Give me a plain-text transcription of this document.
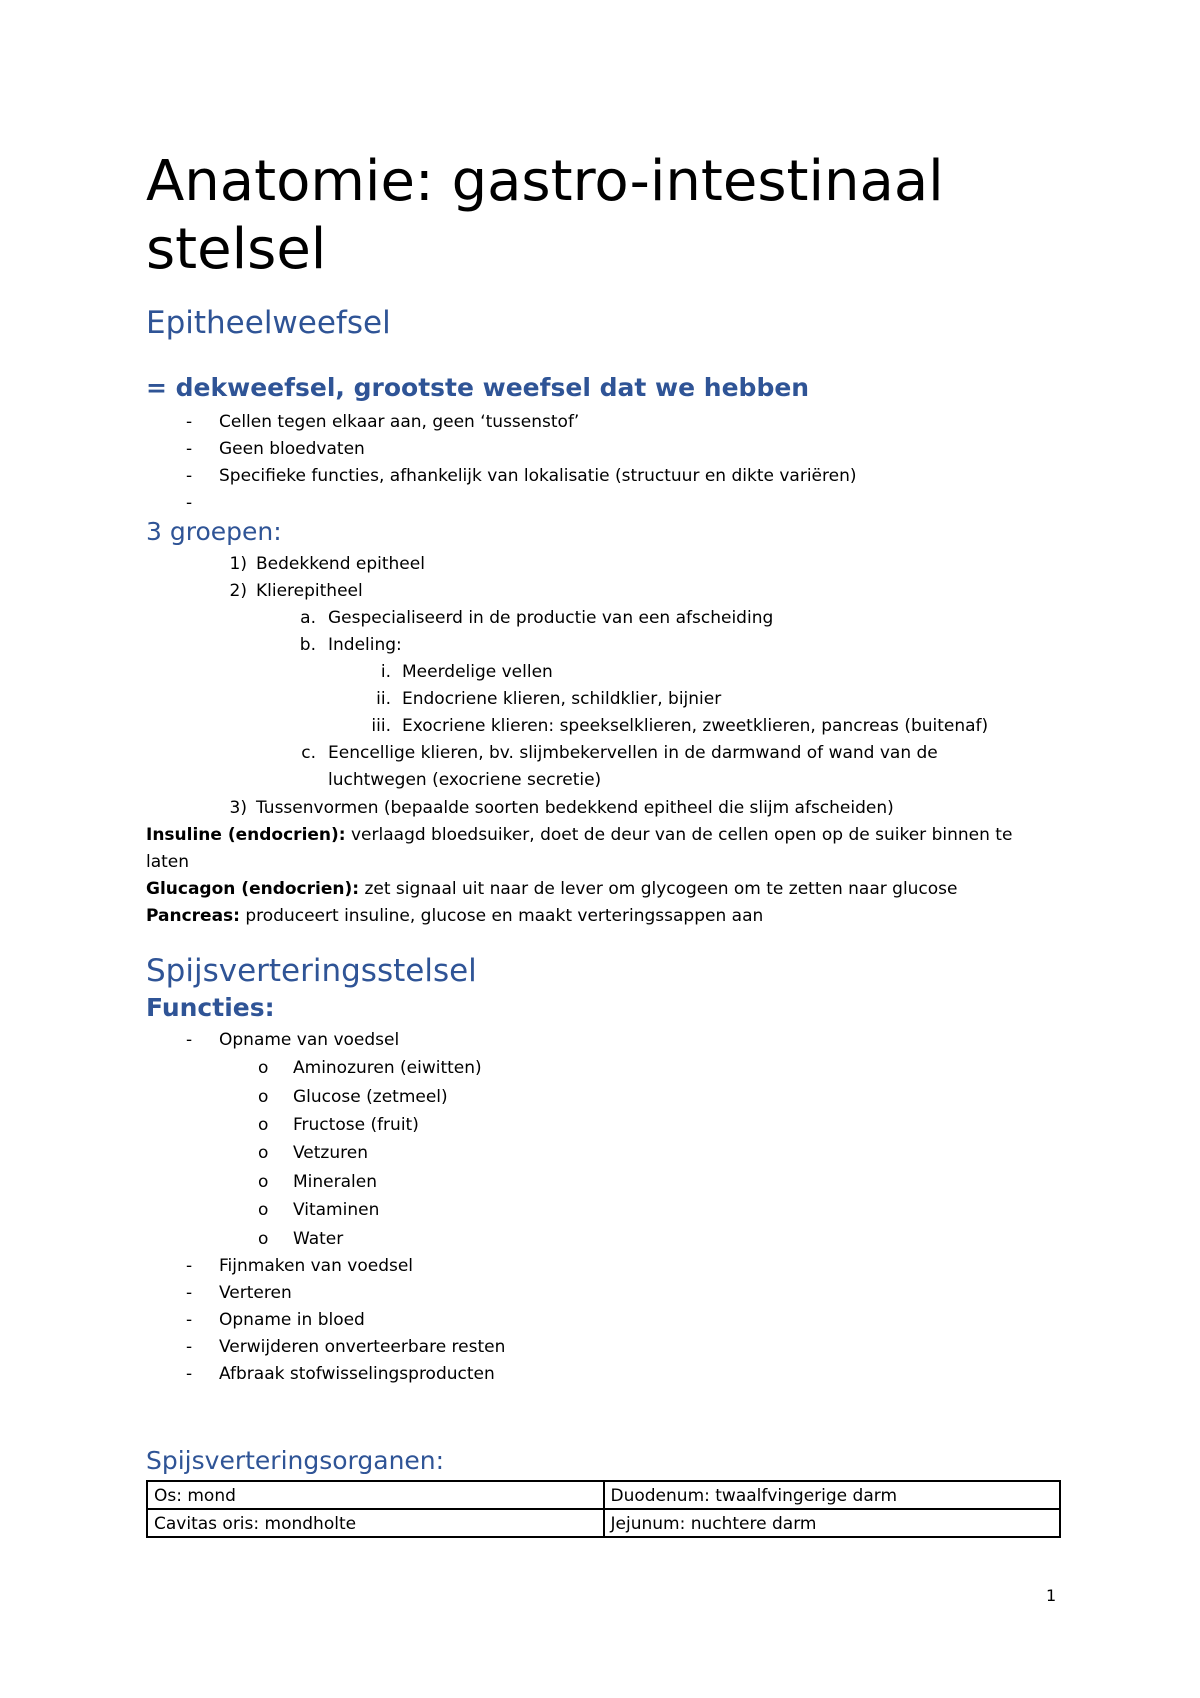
Anatomie: gastro-intestinaal stelsel
Epitheelweefsel
= dekweefsel, grootste weefsel dat we hebben
- Cellen tegen elkaar aan, geen ‘tussenstof’
- Geen bloedvaten
- Specifieke functies, afhankelijk van lokalisatie (structuur en dikte variëren)
-
3 groepen:
1) Bedekkend epitheel
2) Klierepitheel
a. Gespecialiseerd in de productie van een afscheiding
b. Indeling:
i. Meerdelige vellen
ii. Endocriene klieren, schildklier, bijnier
iii. Exocriene klieren: speekselklieren, zweetklieren, pancreas (buitenaf)
c. Eencellige klieren, bv. slijmbekervellen in de darmwand of wand van de
luchtwegen (exocriene secretie)
3) Tussenvormen (bepaalde soorten bedekkend epitheel die slijm afscheiden)
Insuline (endocrien): verlaagd bloedsuiker, doet de deur van de cellen open op de suiker binnen te
laten
Glucagon (endocrien): zet signaal uit naar de lever om glycogeen om te zetten naar glucose
Pancreas: produceert insuline, glucose en maakt verteringssappen aan
Spijsverteringsstelsel
Functies:
- Opname van voedsel
o Aminozuren (eiwitten)
o Glucose (zetmeel)
o Fructose (fruit)
o Vetzuren
o Mineralen
o Vitaminen
o Water
- Fijnmaken van voedsel
- Verteren
- Opname in bloed
- Verwijderen onverteerbare resten
- Afbraak stofwisselingsproducten
Spijsverteringsorganen:
Os: mond	Duodenum: twaalfvingerige darm
Cavitas oris: mondholte	Jejunum: nuchtere darm
1
